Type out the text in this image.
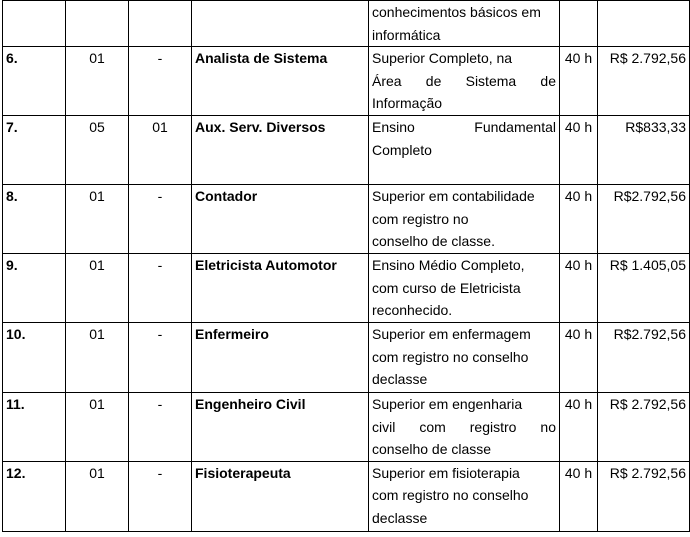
				conhecimentos básicos em
informática		

6.	01	-	Analista de Sistema	Superior Completo, na
Área de Sistema de
Informação	40 h	R$ 2.792,56
7.	05	01	Aux. Serv. Diversos	Ensino Fundamental
Completo	40 h	R$833,33
8.	01	-	Contador	Superior em contabilidade
com registro no
conselho de classe.	40 h	R$2.792,56
9.	01	-	Eletricista Automotor	Ensino Médio Completo,
com curso de Eletricista
reconhecido.	40 h	R$ 1.405,05
10.	01	-	Enfermeiro	Superior em enfermagem
com registro no conselho
declasse	40 h	R$2.792,56
11.	01	-	Engenheiro Civil	Superior em engenharia
civil com registro no
conselho de classe	40 h	R$ 2.792,56
12.	01	-	Fisioterapeuta	Superior em fisioterapia
com registro no conselho
declasse	40 h	R$ 2.792,56
